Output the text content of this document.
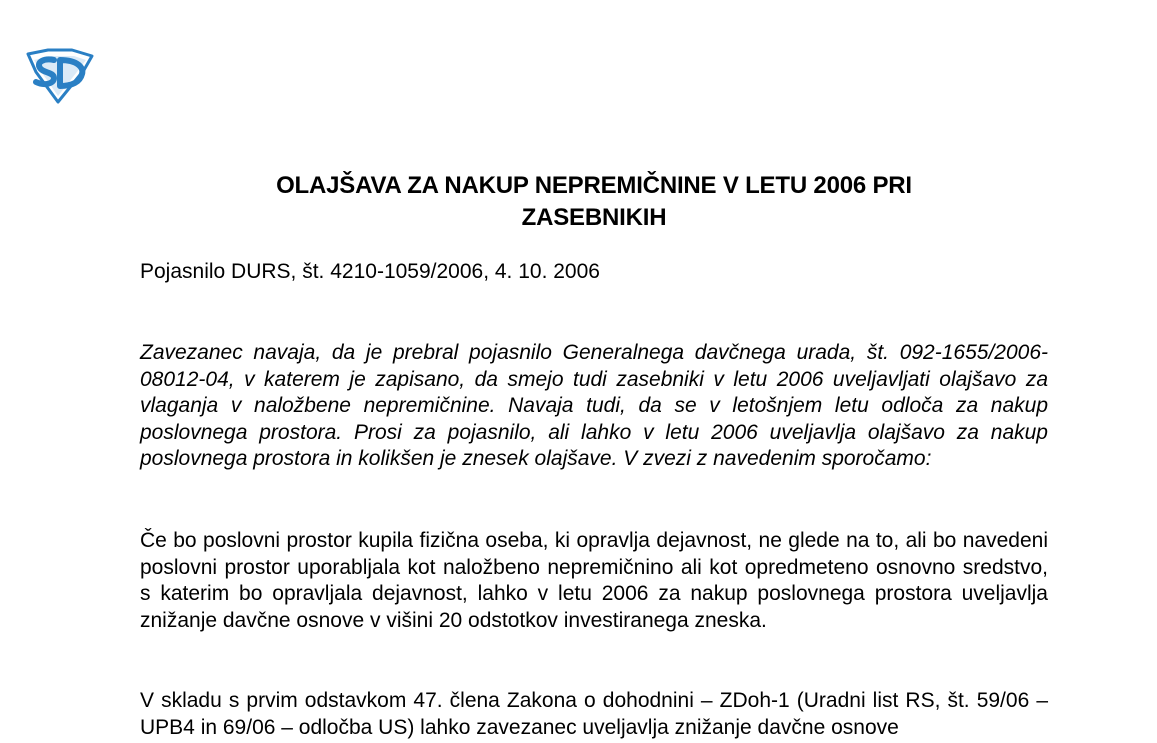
OLAJŠAVA ZA NAKUP NEPREMIČNINE V LETU 2006 PRI
ZASEBNIKIH

Pojasnilo DURS, št. 4210-1059/2006, 4. 10. 2006

Zavezanec navaja, da je prebral pojasnilo Generalnega davčnega urada, št. 092-1655/2006-08012-04, v katerem je zapisano, da smejo tudi zasebniki v letu 2006 uveljavljati olajšavo za vlaganja v naložbene nepremičnine. Navaja tudi, da se v letošnjem letu odloča za nakup poslovnega prostora. Prosi za pojasnilo, ali lahko v letu 2006 uveljavlja olajšavo za nakup poslovnega prostora in kolikšen je znesek olajšave. V zvezi z navedenim sporočamo:

Če bo poslovni prostor kupila fizična oseba, ki opravlja dejavnost, ne glede na to, ali bo navedeni poslovni prostor uporabljala kot naložbeno nepremičnino ali kot opredmeteno osnovno sredstvo, s katerim bo opravljala dejavnost, lahko v letu 2006 za nakup poslovnega prostora uveljavlja znižanje davčne osnove v višini 20 odstotkov investiranega zneska.

V skladu s prvim odstavkom 47. člena Zakona o dohodnini – ZDoh-1 (Uradni list RS, št. 59/06 – UPB4 in 69/06 – odločba US) lahko zavezanec uveljavlja znižanje davčne osnove
